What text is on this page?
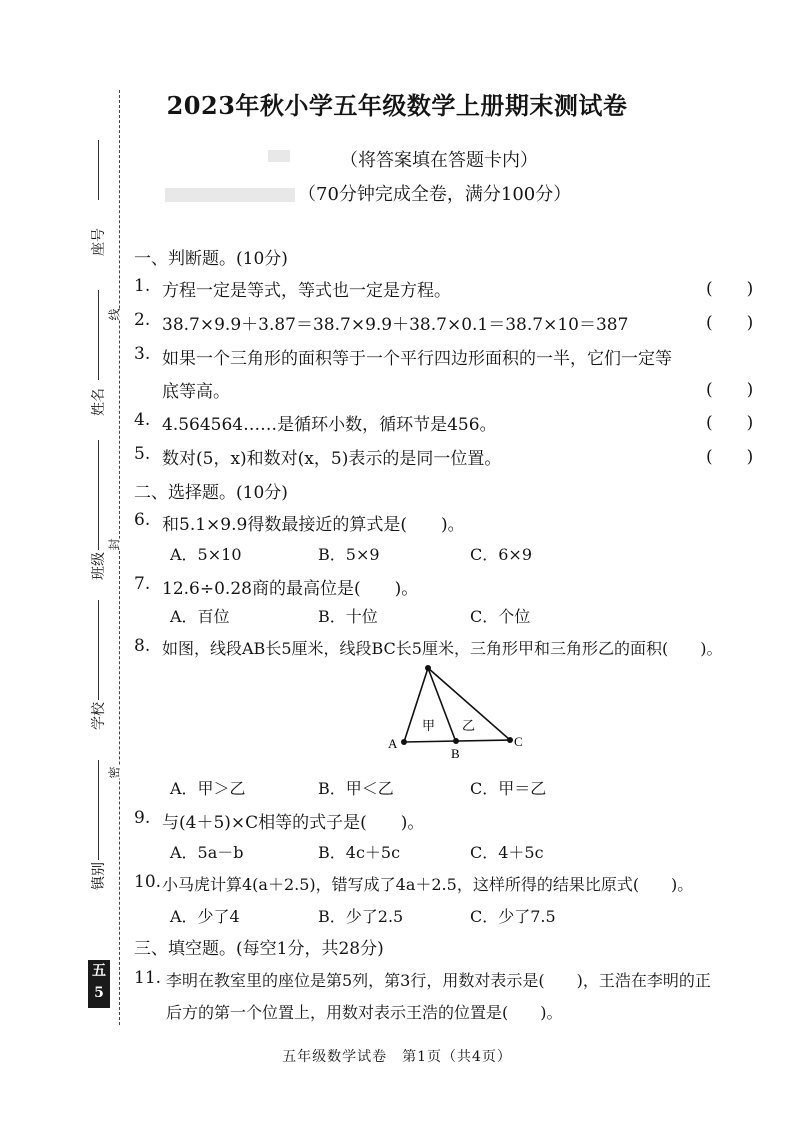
2023年秋小学五年级数学上册期末测试卷
（将答案填在答题卡内）
（70分钟完成全卷，满分100分）
座号
姓名
班级
学校
镇别
线
封
密
五
5
一、判断题。(10分)
1. 方程一定是等式，等式也一定是方程。	(　　)
2. 38.7×9.9＋3.87＝38.7×9.9＋38.7×0.1＝38.7×10＝387	(　　)
3. 如果一个三角形的面积等于一个平行四边形面积的一半，它们一定等
底等高。	(　　)
4. 4.564564……是循环小数，循环节是456。	(　　)
5. 数对(5，x)和数对(x，5)表示的是同一位置。	(　　)
二、选择题。(10分)
6. 和5.1×9.9得数最接近的算式是(　　)。
A．5×10	B．5×9	C．6×9
7. 12.6÷0.28商的最高位是(　　)。
A．百位	B．十位	C．个位
8. 如图，线段AB长5厘米，线段BC长5厘米，三角形甲和三角形乙的面积(　　)。
A
B
C
甲 乙
A．甲＞乙	B．甲＜乙	C．甲＝乙
9. 与(4＋5)×C相等的式子是(　　)。
A．5a－b	B．4c＋5c	C．4＋5c
10. 小马虎计算4(a＋2.5)，错写成了4a＋2.5，这样所得的结果比原式(　　)。
A．少了4	B．少了2.5	C．少了7.5
三、填空题。(每空1分，共28分)
11. 李明在教室里的座位是第5列，第3行，用数对表示是(　　)，王浩在李明的正
后方的第一个位置上，用数对表示王浩的位置是(　　)。
五年级数学试卷　第1页（共4页）
